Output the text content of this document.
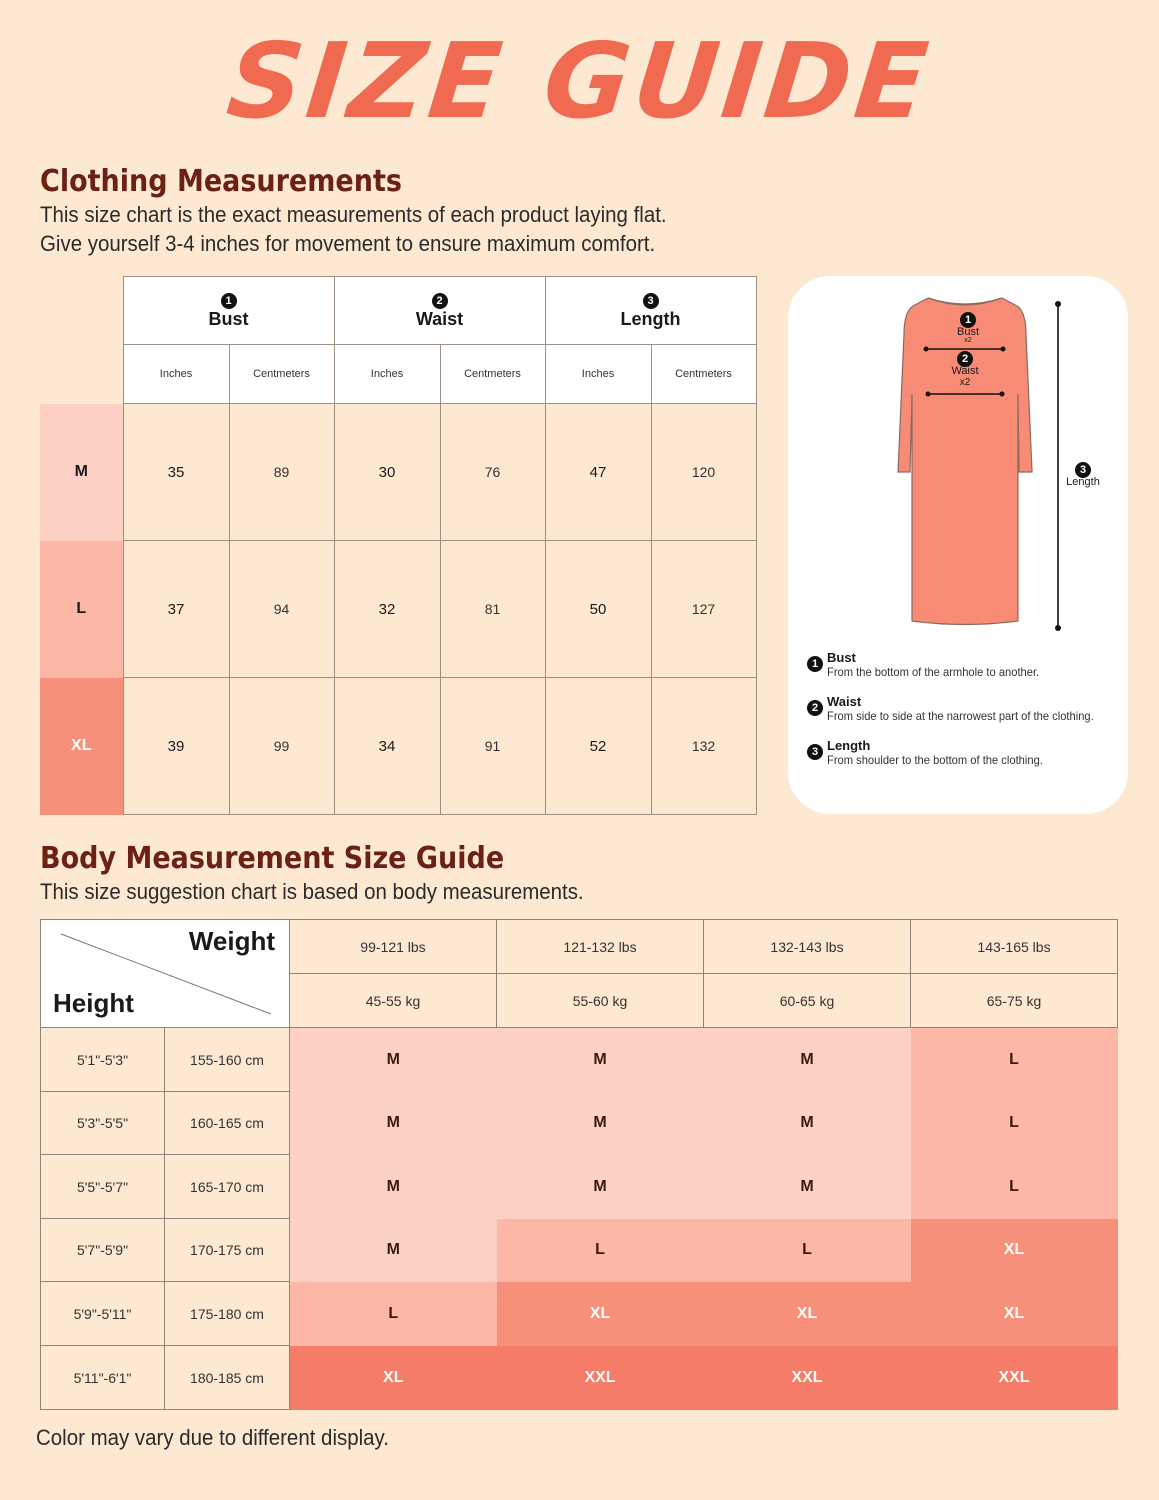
SIZE GUIDE
Clothing Measurements
This size chart is the exact measurements of each product laying flat.
Give yourself 3-4 inches for movement to ensure maximum comfort.
	1
Bust		2
Waist		3
Length	
	Inches	Centmeters	Inches	Centmeters	Inches	Centmeters
M	35	89	30	76	47	120
L	37	94	32	81	50	127
XL	39	99	34	91	52	132
1
Bust
x2
2
Waist
x2
3
Length
1 Bust
From the bottom of the armhole to another.
2 Waist
From side to side at the narrowest part of the clothing.
3 Length
From shoulder to the bottom of the clothing.
Body Measurement Size Guide
This size suggestion chart is based on body measurements.
Weight
Height		99-121 lbs	121-132 lbs	132-143 lbs	143-165 lbs
		45-55 kg	55-60 kg	60-65 kg	65-75 kg
5'1"-5'3"	155-160 cm	M	M	M	L
5'3"-5'5"	160-165 cm	M	M	M	L
5'5"-5'7"	165-170 cm	M	M	M	L
5'7"-5'9"	170-175 cm	M	L	L	XL
5'9"-5'11"	175-180 cm	L	XL	XL	XL
5'11"-6'1"	180-185 cm	XL	XXL	XXL	XXL
Color may vary due to different display.
